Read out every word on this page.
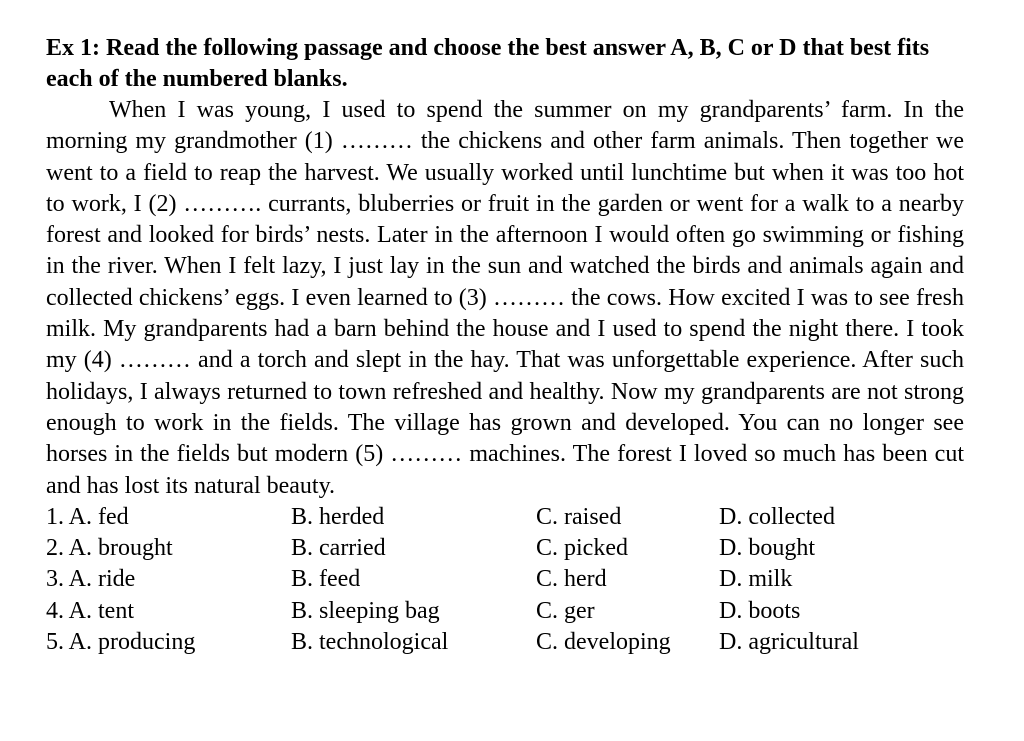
Ex 1: Read the following passage and choose the best answer A, B, C or D that best fits each of the numbered blanks.

When I was young, I used to spend the summer on my grandparents’ farm. In the morning my grandmother (1) ……… the chickens and other farm animals. Then together we went to a field to reap the harvest. We usually worked until lunchtime but when it was too hot to work, I (2) ………. currants, bluberries or fruit in the garden or went for a walk to a nearby forest and looked for birds’ nests. Later in the afternoon I would often go swimming or fishing in the river. When I felt lazy, I just lay in the sun and watched the birds and animals again and collected chickens’ eggs. I even learned to (3) ……… the cows. How excited I was to see fresh milk. My grandparents had a barn behind the house and I used to spend the night there. I took my (4) ……… and a torch and slept in the hay. That was unforgettable experience. After such holidays, I always returned to town refreshed and healthy. Now my grandparents are not strong enough to work in the fields. The village has grown and developed. You can no longer see horses in the fields but modern (5) ……… machines. The forest I loved so much has been cut and has lost its natural beauty.

1. A. fed	B. herded	C. raised	D. collected
2. A. brought	B. carried	C. picked	D. bought
3. A. ride	B. feed	C. herd	D. milk
4. A. tent	B. sleeping bag	C. ger	D. boots
5. A. producing	B. technological	C. developing D. agricultural
